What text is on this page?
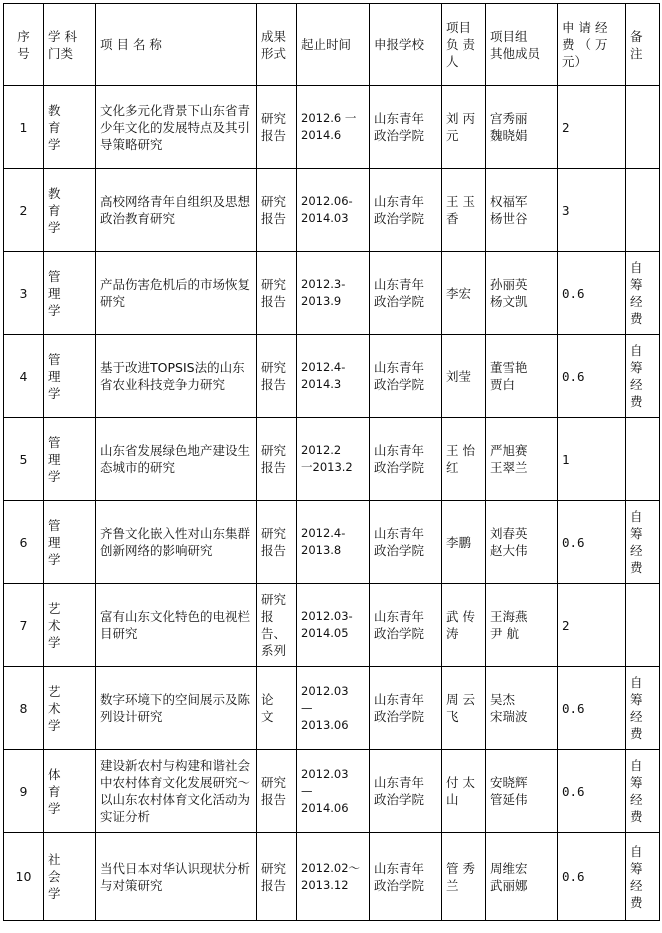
序
号	学 科
门类	项 目 名 称	成果
形式	起止时间	申报学校	项目
负 责
人	项目组
其他成员	申 请 经
费 （ 万
元）	备
注
1	教 育
学	文化多元化背景下山东省青少年文化的发展特点及其引导策略研究	研究
报告	2012.6 一
2014.6	山东青年
政治学院	刘 丙
元	宫秀丽
魏晓娟	2	
2	教 育
学	高校网络青年自组织及思想政治教育研究	研究
报告	2012.06-
2014.03	山东青年
政治学院	王 玉
香	权福军
杨世谷	3	
3	管 理
学	产品伤害危机后的市场恢复研究	研究
报告	2012.3-
2013.9	山东青年
政治学院	李宏	孙丽英
杨文凯	0.6	自
筹
经
费
4	管 理
学	基于改进TOPSIS法的山东省农业科技竞争力研究	研究
报告	2012.4-
2014.3	山东青年
政治学院	刘莹	董雪艳
贾白	0.6	自
筹
经
费
5	管 理
学	山东省发展绿色地产建设生态城市的研究	研究
报告	2012.2
一2013.2	山东青年
政治学院	王 怡
红	严旭赛
王翠兰	1	
6	管 理
学	齐鲁文化嵌入性对山东集群创新网络的影响研究	研究
报告	2012.4-
2013.8	山东青年
政治学院	李鹏	刘春英
赵大伟	0.6	自
筹
经
费
7	艺 术
学	富有山东文化特色的电视栏目研究	研究
报告、
系列	2012.03-
2014.05	山东青年
政治学院	武 传
涛	王海燕
尹 航	2	
8	艺 术
学	数字环境下的空间展示及陈列设计研究	论
文	2012.03
—
2013.06	山东青年
政治学院	周 云
飞	吴杰
宋瑞波	0.6	自
筹
经
费
9	体 育
学	建设新农村与构建和谐社会中农村体育文化发展研究～以山东农村体育文化活动为实证分析	研究
报告	2012.03
—
2014.06	山东青年
政治学院	付 太
山	安晓辉
管延伟	0.6	自
筹
经
费
10	社 会
学	当代日本对华认识现状分析与对策研究	研究
报告	2012.02～
2013.12	山东青年
政治学院	管 秀
兰	周维宏
武丽娜	0.6	自
筹
经
费
